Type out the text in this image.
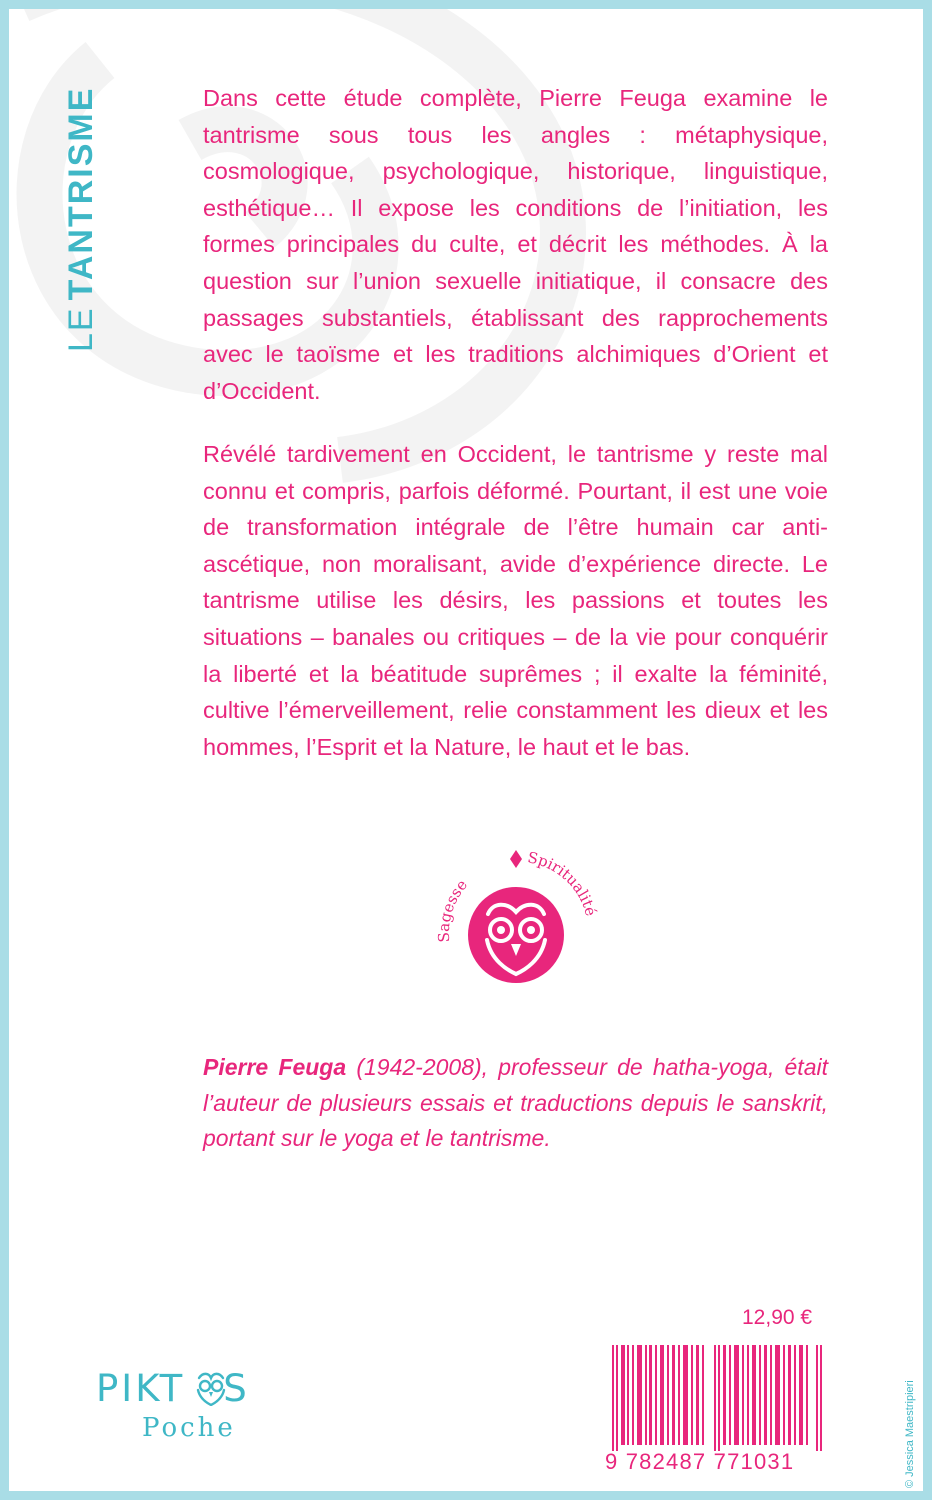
LETANTRISME	Dans cette étude complète, Pierre Feuga examine le tantrisme sous tous les angles : métaphysique, cosmologique, psychologique, historique, linguistique, esthétique… Il expose les conditions de l’initiation, les formes principales du culte, et décrit les méthodes. À la question sur l’union sexuelle initiatique, il consacre des passages substantiels, établissant des rapprochements avec le taoïsme et les traditions alchimiques d’Orient et d’Occident.

Révélé tardivement en Occident, le tantrisme y reste mal connu et compris, parfois déformé. Pourtant, il est une voie de transformation intégrale de l’être humain car anti-ascétique, non moralisant, avide d’expérience directe. Le tantrisme utilise les désirs, les passions et toutes les situations – banales ou critiques – de la vie pour conquérir la liberté et la béatitude suprêmes ; il exalte la féminité, cultive l’émerveillement, relie constamment les dieux et les hommes, l’Esprit et la Nature, le haut et le bas.

Sagesse
Spiritualité
Pierre Feuga (1942-2008), professeur de hatha-yoga, était l’auteur de plusieurs essais et traductions depuis le sanskrit, portant sur le yoga et le tantrisme.
12,90 €
9 782487 771031
PIKT S
Poche	© Jessica Maestripieri
